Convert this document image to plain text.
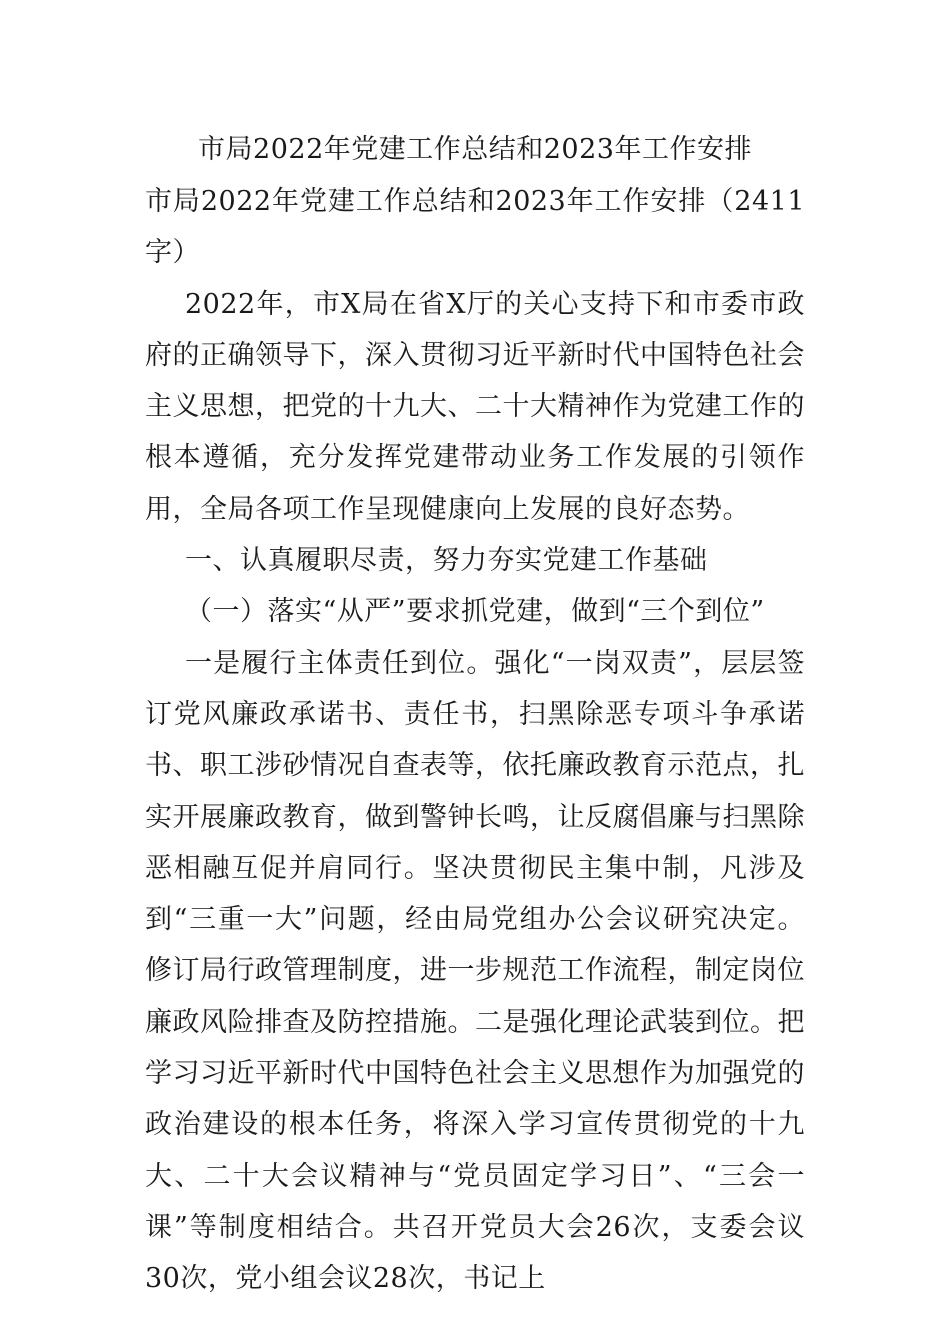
市局2022年党建工作总结和2023年工作安排

市局2022年党建工作总结和2023年工作安排（2411字）

2022年，市X局在省X厅的关心支持下和市委市政府的正确领导下，深入贯彻习近平新时代中国特色社会主义思想，把党的十九大、二十大精神作为党建工作的根本遵循，充分发挥党建带动业务工作发展的引领作用，全局各项工作呈现健康向上发展的良好态势。

一、认真履职尽责，努力夯实党建工作基础

（一）落实“从严”要求抓党建，做到“三个到位”

一是履行主体责任到位。强化“一岗双责”，层层签订党风廉政承诺书、责任书，扫黑除恶专项斗争承诺书、职工涉砂情况自查表等，依托廉政教育示范点，扎实开展廉政教育，做到警钟长鸣，让反腐倡廉与扫黑除恶相融互促并肩同行。坚决贯彻民主集中制，凡涉及到“三重一大”问题，经由局党组办公会议研究决定。修订局行政管理制度，进一步规范工作流程，制定岗位廉政风险排查及防控措施。二是强化理论武装到位。把学习习近平新时代中国特色社会主义思想作为加强党的政治建设的根本任务，将深入学习宣传贯彻党的十九大、二十大会议精神与“党员固定学习日”、“三会一课”等制度相结合。共召开党员大会26次，支委会议30次，党小组会议28次，书记上
